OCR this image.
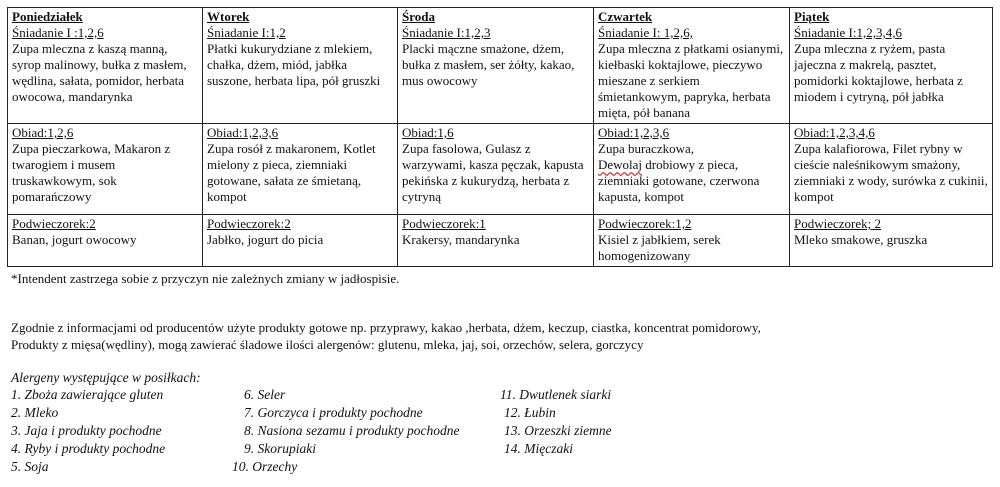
Poniedziałek
Śniadanie I :1,2,6
Zupa mleczna z kaszą manną, syrop malinowy, bułka z masłem, wędlina, sałata, pomidor, herbata owocowa, mandarynka	Wtorek
Śniadanie I:1,2
Płatki kukurydziane z mlekiem, chałka, dżem, miód, jabłka suszone, herbata lipa, pół gruszki	Środa
Śniadanie I:1,2,3
Placki mączne smażone, dżem, bułka z masłem, ser żółty, kakao, mus owocowy	Czwartek
Śniadanie I: 1,2,6,
Zupa mleczna z płatkami osianymi, kiełbaski koktajlowe, pieczywo mieszane z serkiem śmietankowym, papryka, herbata mięta, pół banana	Piątek
Śniadanie I:1,2,3,4,6
Zupa mleczna z ryżem, pasta jajeczna z makrelą, pasztet, pomidorki koktajlowe, herbata z miodem i cytryną, pół jabłka

Obiad:1,2,6
Zupa pieczarkowa, Makaron z twarogiem i musem truskawkowym, sok pomarańczowy	Obiad:1,2,3,6
Zupa rosół z makaronem, Kotlet mielony z pieca, ziemniaki gotowane, sałata ze śmietaną, kompot	Obiad:1,6
Zupa fasolowa, Gulasz z warzywami, kasza pęczak, kapusta pekińska z kukurydzą, herbata z cytryną	Obiad:1,2,3,6
Zupa buraczkowa,
Dewolaj drobiowy z pieca, ziemniaki gotowane, czerwona kapusta, kompot	Obiad:1,2,3,4,6
Zupa kalafiorowa, Filet rybny w cieście naleśnikowym smażony, ziemniaki z wody, surówka z cukinii, kompot

Podwieczorek:2
Banan, jogurt owocowy	Podwieczorek:2
Jabłko, jogurt do picia	Podwieczorek:1
Krakersy, mandarynka	Podwieczorek:1,2
Kisiel z jabłkiem, serek homogenizowany	Podwieczorek; 2
Mleko smakowe, gruszka
*Intendent zastrzega sobie z przyczyn nie zależnych zmiany w jadłospisie.
Zgodnie z informacjami od producentów użyte produkty gotowe np. przyprawy, kakao ,herbata, dżem, keczup, ciastka, koncentrat pomidorowy,
Produkty z mięsa(wędliny), mogą zawierać śladowe ilości alergenów: glutenu, mleka, jaj, soi, orzechów, selera, gorczycy
Alergeny występujące w posiłkach:
1. Zboża zawierające gluten
2. Mleko
3. Jaja i produkty pochodne
4. Ryby i produkty pochodne
5. Soja
6. Seler
7. Gorczyca i produkty pochodne
8. Nasiona sezamu i produkty pochodne
9. Skorupiaki
10. Orzechy
11. Dwutlenek siarki
12. Łubin
13. Orzeszki ziemne
14. Mięczaki
